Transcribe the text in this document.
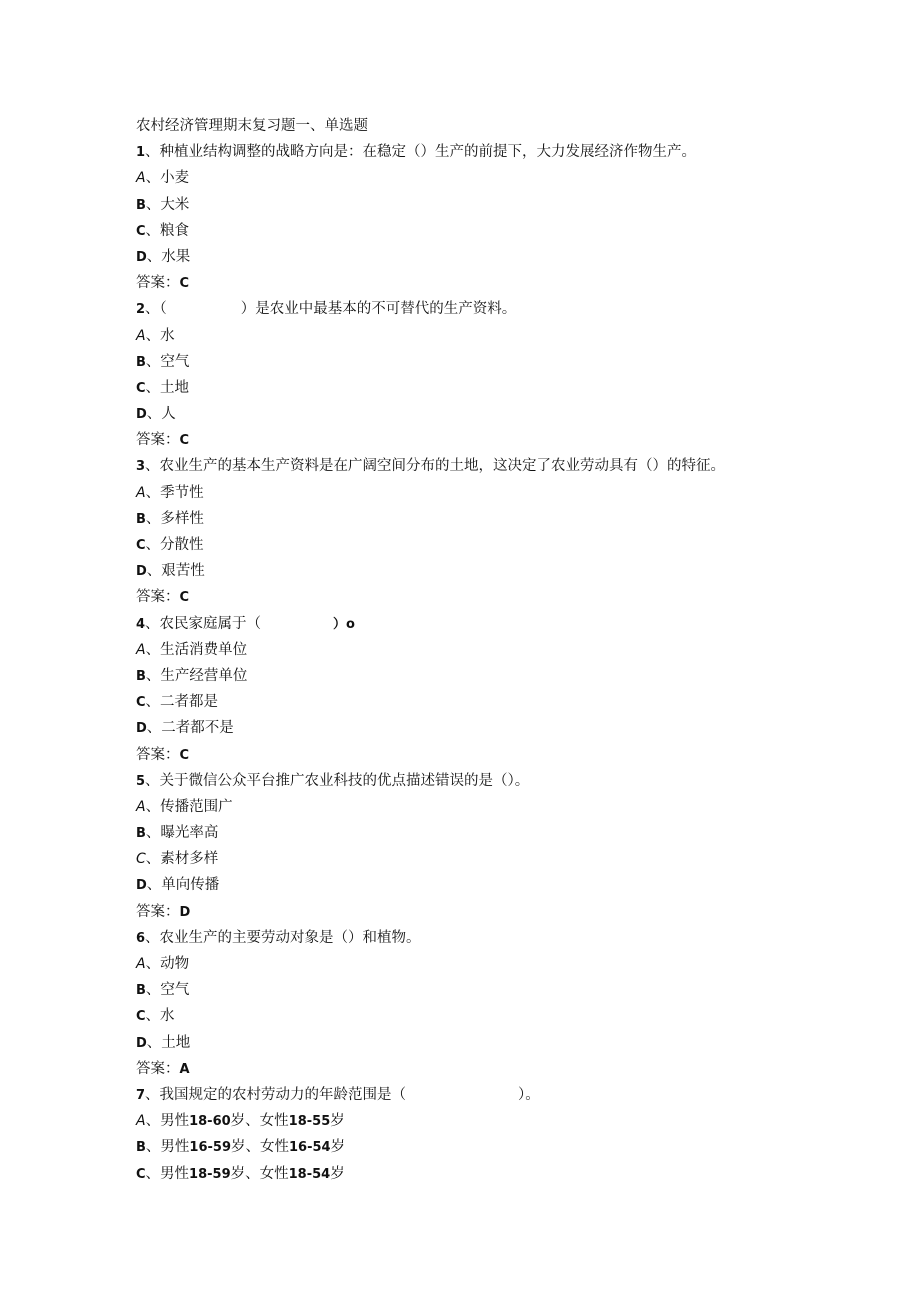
农村经济管理期末复习题一、单选题
1、种植业结构调整的战略方向是：在稳定（）生产的前提下，大力发展经济作物生产。
A、小麦
B、大米
C、粮食
D、水果
答案：C
2、（	）是农业中最基本的不可替代的生产资料。
A、水
B、空气
C、土地
D、人
答案：C
3、农业生产的基本生产资料是在广阔空间分布的土地，这决定了农业劳动具有（）的特征。
A、季节性
B、多样性
C、分散性
D、艰苦性
答案：C
4、农民家庭属于（	）o
A、生活消费单位
B、生产经营单位
C、二者都是
D、二者都不是
答案：C
5、关于微信公众平台推广农业科技的优点描述错误的是（）。
A、传播范围广
B、曝光率高
C、素材多样
D、单向传播
答案：D
6、农业生产的主要劳动对象是（）和植物。
A、动物
B、空气
C、水
D、土地
答案：A
7、我国规定的农村劳动力的年龄范围是（	）。
A、男性18-60岁、女性18-55岁
B、男性16-59岁、女性16-54岁
C、男性18-59岁、女性18-54岁
